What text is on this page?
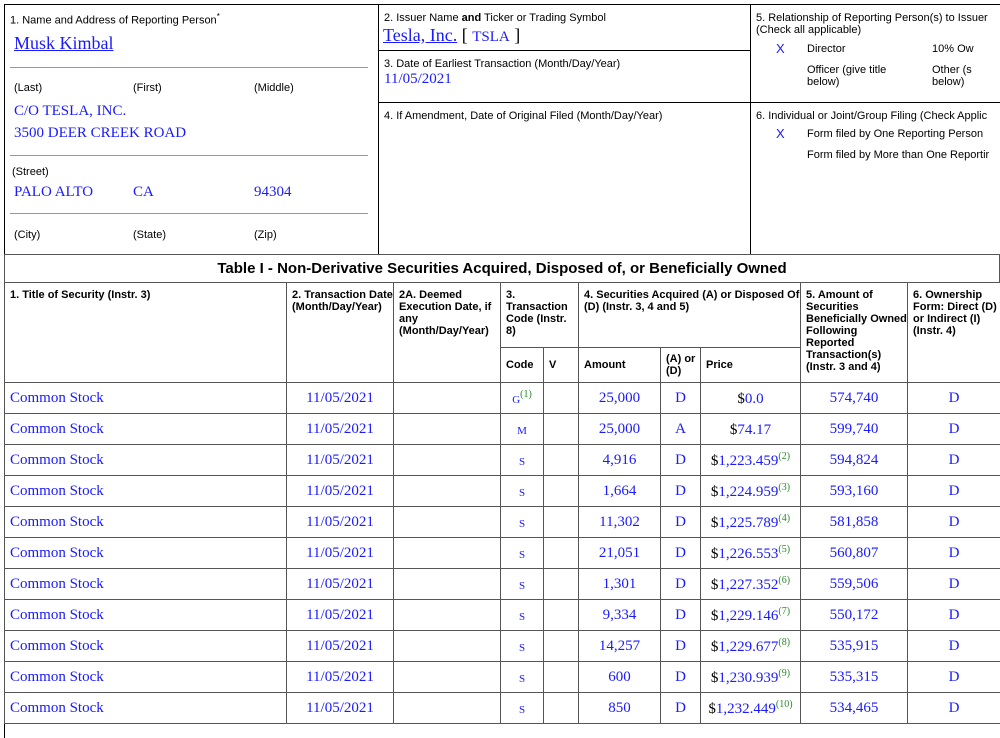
1. Name and Address of Reporting Person*
Musk Kimbal
(Last)	(First)	(Middle)
C/O TESLA, INC.
3500 DEER CREEK ROAD
(Street)
PALO ALTO	CA	94304
(City)	(State)	(Zip)
2. Issuer Name and Ticker or Trading Symbol
Tesla, Inc. [ TSLA ]
3. Date of Earliest Transaction (Month/Day/Year)
11/05/2021
4. If Amendment, Date of Original Filed (Month/Day/Year)
5. Relationship of Reporting Person(s) to Issuer
(Check all applicable)
X Director	10% Ow
Officer (give title
below)
Other (s
below)
6. Individual or Joint/Group Filing (Check Applic
X Form filed by One Reporting Person
Form filed by More than One Reportir
Table I - Non-Derivative Securities Acquired, Disposed of, or Beneficially Owned
1. Title of Security (Instr. 3)	2. Transaction Date (Month/Day/Year)	2A. Deemed Execution Date, if any (Month/Day/Year)	3. Transaction Code (Instr. 8)		4. Securities Acquired (A) or Disposed Of (D) (Instr. 3, 4 and 5)			5. Amount of Securities Beneficially Owned Following Reported Transaction(s) (Instr. 3 and 4)	6. Ownership Form: Direct (D) or Indirect (I) (Instr. 4)
			Code	V	Amount	(A) or (D)	Price		
Common Stock	11/05/2021		G$^{(1)}$		25,000	D	$0.0	574,740	D
Common Stock	11/05/2021		M		25,000	A	$74.17	599,740	D
Common Stock	11/05/2021		S		4,916	D	$1,223.459$^{(2)}$	594,824	D
Common Stock	11/05/2021		S		1,664	D	$1,224.959$^{(3)}$	593,160	D
Common Stock	11/05/2021		S		11,302	D	$1,225.789$^{(4)}$	581,858	D
Common Stock	11/05/2021		S		21,051	D	$1,226.553$^{(5)}$	560,807	D
Common Stock	11/05/2021		S		1,301	D	$1,227.352$^{(6)}$	559,506	D
Common Stock	11/05/2021		S		9,334	D	$1,229.146$^{(7)}$	550,172	D
Common Stock	11/05/2021		S		14,257	D	$1,229.677$^{(8)}$	535,915	D
Common Stock	11/05/2021		S		600	D	$1,230.939$^{(9)}$	535,315	D
Common Stock	11/05/2021		S		850	D	$1,232.449$^{(10)}$	534,465	D
